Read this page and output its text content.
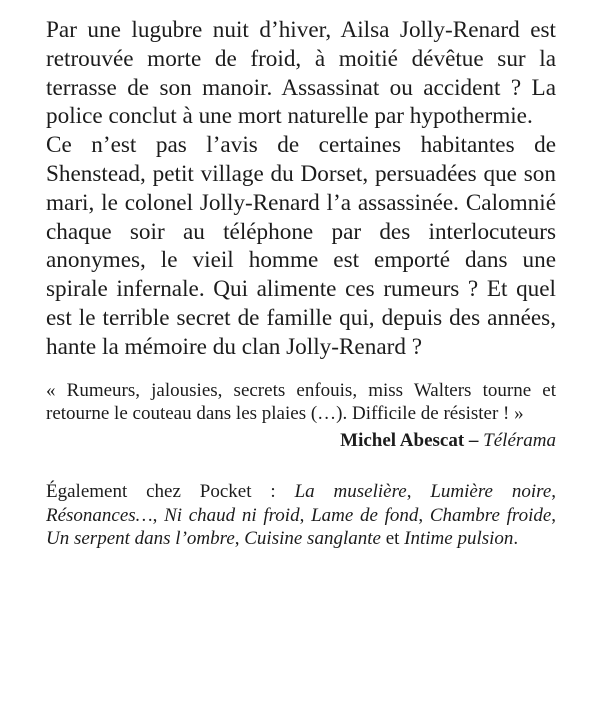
Par une lugubre nuit d’hiver, Ailsa Jolly-Renard est retrouvée morte de froid, à moitié dévêtue sur la terrasse de son manoir. Assassinat ou accident ? La police conclut à une mort naturelle par hypothermie.

Ce n’est pas l’avis de certaines habitantes de Shenstead, petit village du Dorset, persuadées que son mari, le colonel Jolly-Renard l’a assassinée. Calomnié chaque soir au téléphone par des interlocuteurs anonymes, le vieil homme est emporté dans une spirale infernale. Qui alimente ces rumeurs ? Et quel est le terrible secret de famille qui, depuis des années, hante la mémoire du clan Jolly-Renard ?

« Rumeurs, jalousies, secrets enfouis, miss Walters tourne et retourne le couteau dans les plaies (…). Difficile de résister ! »
Michel Abescat – Télérama
Également chez Pocket : La muselière, Lumière noire, Résonances…, Ni chaud ni froid, Lame de fond, Chambre froide, Un serpent dans l’ombre, Cuisine sanglante et Intime pulsion.
